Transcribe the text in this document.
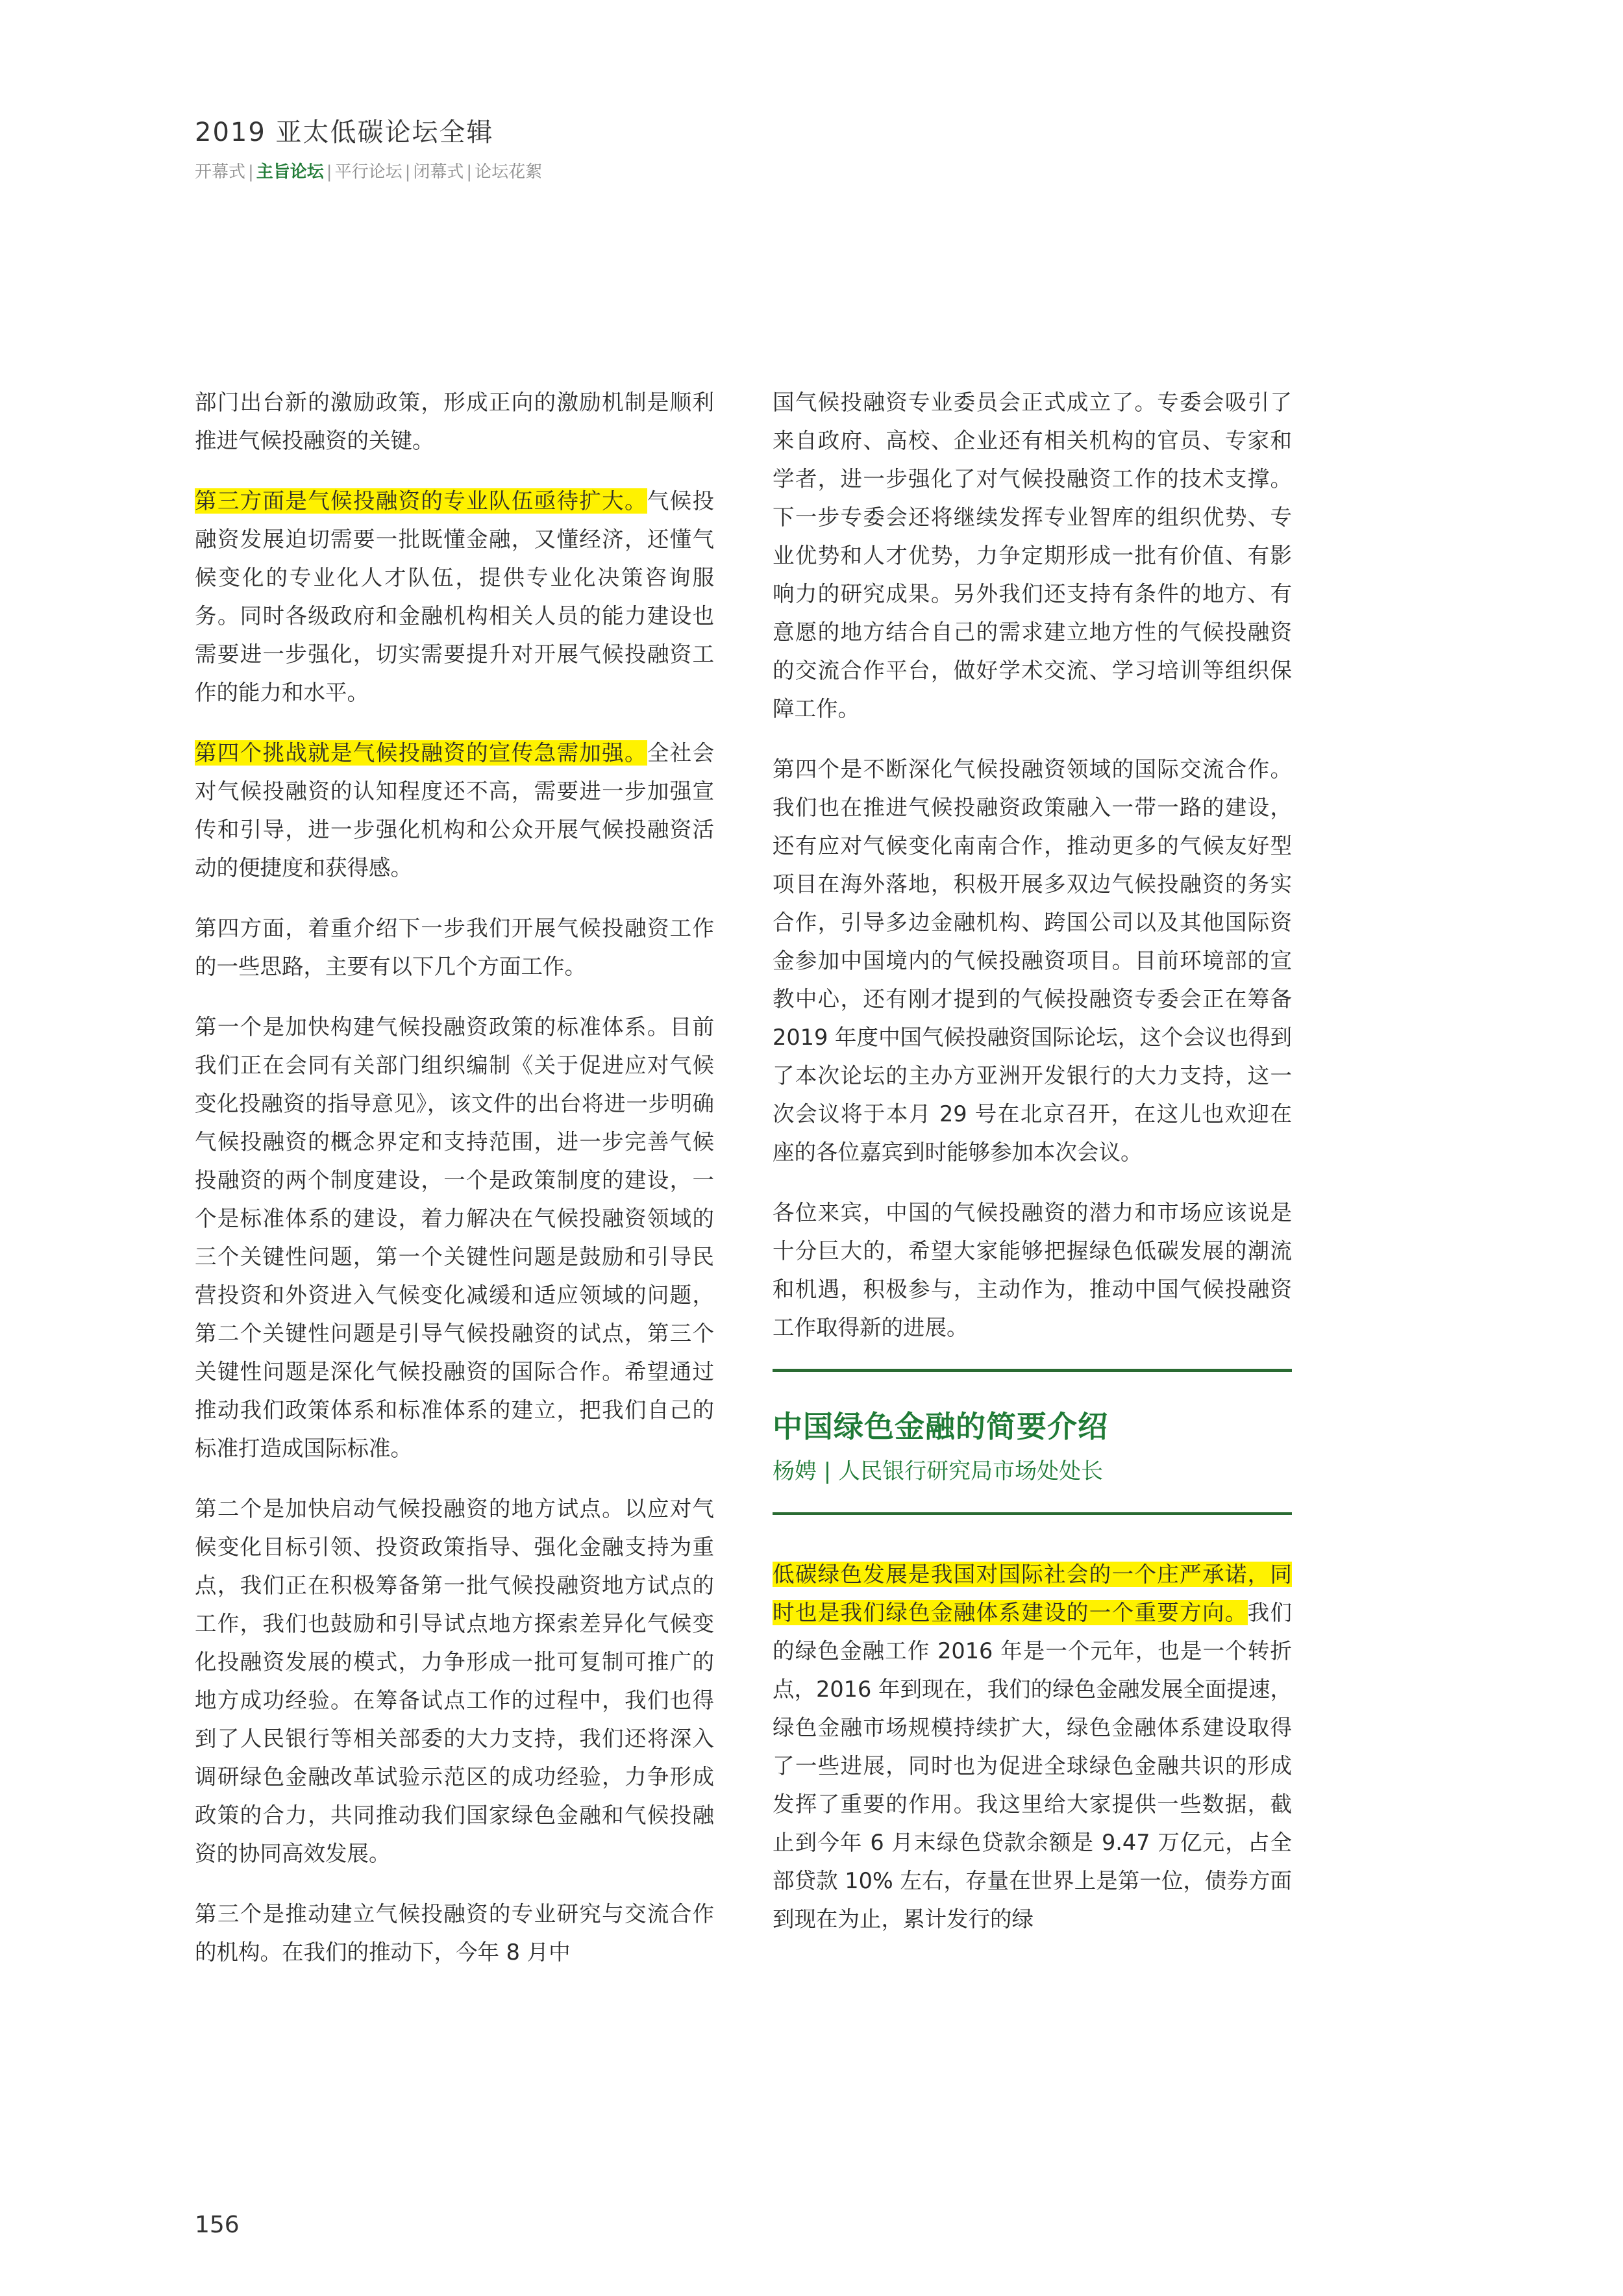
2019 亚太低碳论坛全辑
开幕式 | 主旨论坛 | 平行论坛 | 闭幕式 | 论坛花絮

部门出台新的激励政策，形成正向的激励机制是顺利推进气候投融资的关键。

第三方面是气候投融资的专业队伍亟待扩大。气候投融资发展迫切需要一批既懂金融，又懂经济，还懂气候变化的专业化人才队伍，提供专业化决策咨询服务。同时各级政府和金融机构相关人员的能力建设也需要进一步强化，切实需要提升对开展气候投融资工作的能力和水平。

第四个挑战就是气候投融资的宣传急需加强。全社会对气候投融资的认知程度还不高，需要进一步加强宣传和引导，进一步强化机构和公众开展气候投融资活动的便捷度和获得感。

第四方面，着重介绍下一步我们开展气候投融资工作的一些思路，主要有以下几个方面工作。

第一个是加快构建气候投融资政策的标准体系。目前我们正在会同有关部门组织编制《关于促进应对气候变化投融资的指导意见》，该文件的出台将进一步明确气候投融资的概念界定和支持范围，进一步完善气候投融资的两个制度建设，一个是政策制度的建设，一个是标准体系的建设，着力解决在气候投融资领域的三个关键性问题，第一个关键性问题是鼓励和引导民营投资和外资进入气候变化减缓和适应领域的问题，第二个关键性问题是引导气候投融资的试点，第三个关键性问题是深化气候投融资的国际合作。希望通过推动我们政策体系和标准体系的建立，把我们自己的标准打造成国际标准。

第二个是加快启动气候投融资的地方试点。以应对气候变化目标引领、投资政策指导、强化金融支持为重点，我们正在积极筹备第一批气候投融资地方试点的工作，我们也鼓励和引导试点地方探索差异化气候变化投融资发展的模式，力争形成一批可复制可推广的地方成功经验。在筹备试点工作的过程中，我们也得到了人民银行等相关部委的大力支持，我们还将深入调研绿色金融改革试验示范区的成功经验，力争形成政策的合力，共同推动我们国家绿色金融和气候投融资的协同高效发展。

第三个是推动建立气候投融资的专业研究与交流合作的机构。在我们的推动下，今年 8 月中

国气候投融资专业委员会正式成立了。专委会吸引了来自政府、高校、企业还有相关机构的官员、专家和学者，进一步强化了对气候投融资工作的技术支撑。下一步专委会还将继续发挥专业智库的组织优势、专业优势和人才优势，力争定期形成一批有价值、有影响力的研究成果。另外我们还支持有条件的地方、有意愿的地方结合自己的需求建立地方性的气候投融资的交流合作平台，做好学术交流、学习培训等组织保障工作。

第四个是不断深化气候投融资领域的国际交流合作。我们也在推进气候投融资政策融入一带一路的建设，还有应对气候变化南南合作，推动更多的气候友好型项目在海外落地，积极开展多双边气候投融资的务实合作，引导多边金融机构、跨国公司以及其他国际资金参加中国境内的气候投融资项目。目前环境部的宣教中心，还有刚才提到的气候投融资专委会正在筹备 2019 年度中国气候投融资国际论坛，这个会议也得到了本次论坛的主办方亚洲开发银行的大力支持，这一次会议将于本月 29 号在北京召开，在这儿也欢迎在座的各位嘉宾到时能够参加本次会议。

各位来宾，中国的气候投融资的潜力和市场应该说是十分巨大的，希望大家能够把握绿色低碳发展的潮流和机遇，积极参与，主动作为，推动中国气候投融资工作取得新的进展。

中国绿色金融的简要介绍
杨娉 | 人民银行研究局市场处处长

低碳绿色发展是我国对国际社会的一个庄严承诺，同时也是我们绿色金融体系建设的一个重要方向。我们的绿色金融工作 2016 年是一个元年，也是一个转折点，2016 年到现在，我们的绿色金融发展全面提速，绿色金融市场规模持续扩大，绿色金融体系建设取得了一些进展，同时也为促进全球绿色金融共识的形成发挥了重要的作用。我这里给大家提供一些数据，截止到今年 6 月末绿色贷款余额是 9.47 万亿元，占全部贷款 10% 左右，存量在世界上是第一位，债券方面到现在为止，累计发行的绿

156
